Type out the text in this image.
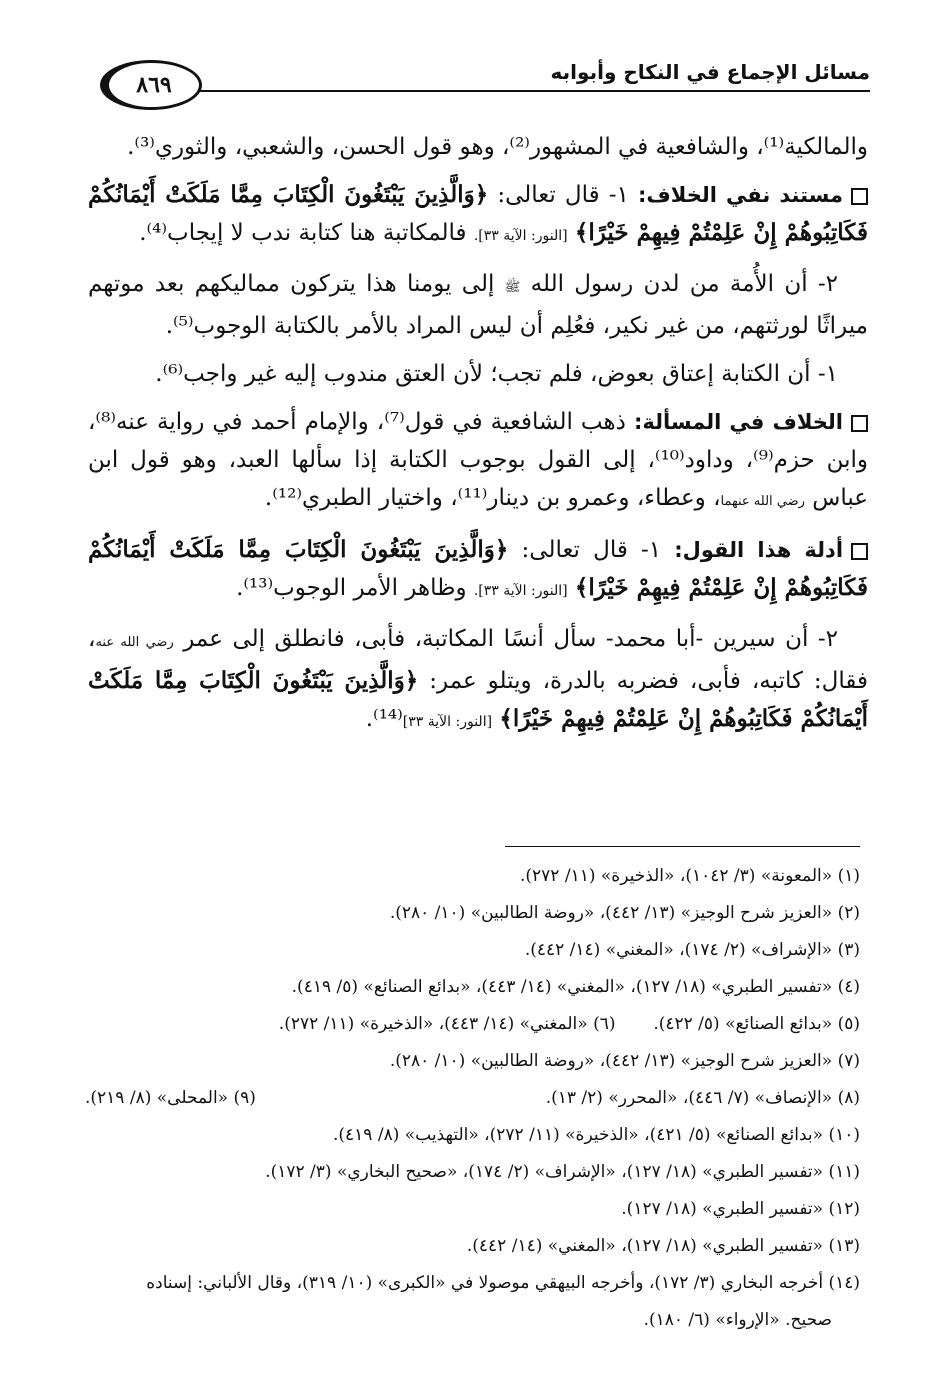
مسائل الإجماع في النكاح وأبوابه
٨٦٩

والمالكية⁽¹⁾، والشافعية في المشهور⁽²⁾، وهو قول الحسن، والشعبي، والثوري⁽³⁾.

مستند نفي الخلاف: ١- قال تعالى: ﴿وَالَّذِينَ يَبْتَغُونَ الْكِتَابَ مِمَّا مَلَكَتْ أَيْمَانُكُمْ فَكَاتِبُوهُمْ إِنْ عَلِمْتُمْ فِيهِمْ خَيْرًا﴾ [النور: الآية ٣٣]. فالمكاتبة هنا كتابة ندب لا إيجاب⁽⁴⁾.

٢- أن الأُمة من لدن رسول الله ﷺ إلى يومنا هذا يتركون مماليكهم بعد موتهم ميراثًا لورثتهم، من غير نكير، فعُلِم أن ليس المراد بالأمر بالكتابة الوجوب⁽⁵⁾.

١- أن الكتابة إعتاق بعوض، فلم تجب؛ لأن العتق مندوب إليه غير واجب⁽⁶⁾.

الخلاف في المسألة: ذهب الشافعية في قول⁽⁷⁾، والإمام أحمد في رواية عنه⁽⁸⁾، وابن حزم⁽⁹⁾، وداود⁽¹⁰⁾، إلى القول بوجوب الكتابة إذا سألها العبد، وهو قول ابن عباس رضي الله عنهما، وعطاء، وعمرو بن دينار⁽¹¹⁾، واختيار الطبري⁽¹²⁾.

أدلة هذا القول: ١- قال تعالى: ﴿وَالَّذِينَ يَبْتَغُونَ الْكِتَابَ مِمَّا مَلَكَتْ أَيْمَانُكُمْ فَكَاتِبُوهُمْ إِنْ عَلِمْتُمْ فِيهِمْ خَيْرًا﴾ [النور: الآية ٣٣]. وظاهر الأمر الوجوب⁽¹³⁾.

٢- أن سيرين -أبا محمد- سأل أنسًا المكاتبة، فأبى، فانطلق إلى عمر رضي الله عنه، فقال: كاتبه، فأبى، فضربه بالدرة، ويتلو عمر: ﴿وَالَّذِينَ يَبْتَغُونَ الْكِتَابَ مِمَّا مَلَكَتْ أَيْمَانُكُمْ فَكَاتِبُوهُمْ إِنْ عَلِمْتُمْ فِيهِمْ خَيْرًا﴾ [النور: الآية ٣٣]⁽¹⁴⁾.

(١) «المعونة» (٣/ ١٠٤٢)، «الذخيرة» (١١/ ٢٧٢).

(٢) «العزيز شرح الوجيز» (١٣/ ٤٤٢)، «روضة الطالبين» (١٠/ ٢٨٠).

(٣) «الإشراف» (٢/ ١٧٤)، «المغني» (١٤/ ٤٤٢).

(٤) «تفسير الطبري» (١٨/ ١٢٧)، «المغني» (١٤/ ٤٤٣)، «بدائع الصنائع» (٥/ ٤١٩).

(٥) «بدائع الصنائع» (٥/ ٤٢٢).       (٦) «المغني» (١٤/ ٤٤٣)، «الذخيرة» (١١/ ٢٧٢).

(٧) «العزيز شرح الوجيز» (١٣/ ٤٤٢)، «روضة الطالبين» (١٠/ ٢٨٠).

(٨) «الإنصاف» (٧/ ٤٤٦)، «المحرر» (٢/ ١٣).
(٩) «المحلى» (٨/ ٢١٩).

(١٠) «بدائع الصنائع» (٥/ ٤٢١)، «الذخيرة» (١١/ ٢٧٢)، «التهذيب» (٨/ ٤١٩).

(١١) «تفسير الطبري» (١٨/ ١٢٧)، «الإشراف» (٢/ ١٧٤)، «صحيح البخاري» (٣/ ١٧٢).

(١٢) «تفسير الطبري» (١٨/ ١٢٧).

(١٣) «تفسير الطبري» (١٨/ ١٢٧)، «المغني» (١٤/ ٤٤٢).

(١٤) أخرجه البخاري (٣/ ١٧٢)، وأخرجه البيهقي موصولا في «الكبرى» (١٠/ ٣١٩)، وقال الألباني: إسناده

صحيح. «الإرواء» (٦/ ١٨٠).
